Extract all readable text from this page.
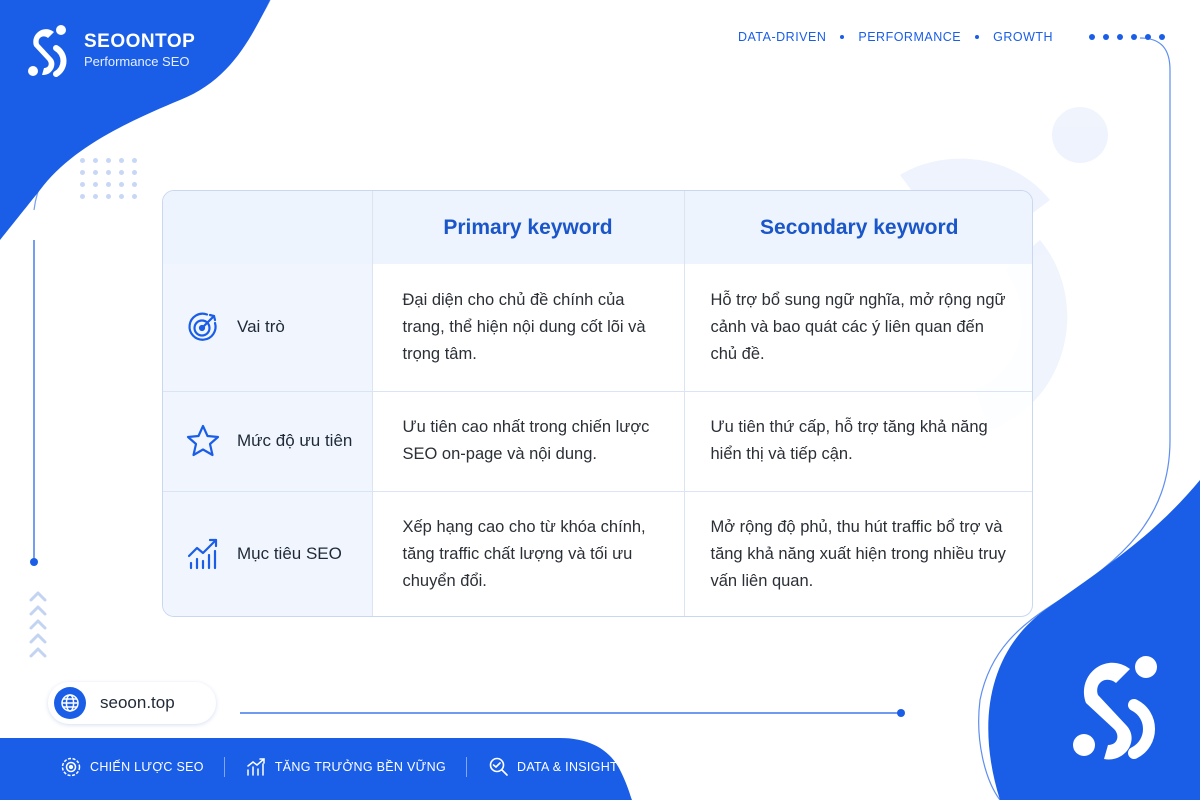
SEOONTOP
Performance SEO
DATA-DRIVEN	PERFORMANCE	GROWTH
	Primary keyword	Secondary keyword

Vai trò	Đại diện cho chủ đề chính của trang, thể hiện nội dung cốt lõi và trọng tâm.	Hỗ trợ bổ sung ngữ nghĩa, mở rộng ngữ cảnh và bao quát các ý liên quan đến chủ đề.

Mức độ ưu tiên	Ưu tiên cao nhất trong chiến lược SEO on-page và nội dung.	Ưu tiên thứ cấp, hỗ trợ tăng khả năng hiển thị và tiếp cận.

Mục tiêu SEO	Xếp hạng cao cho từ khóa chính, tăng traffic chất lượng và tối ưu chuyển đổi.	Mở rộng độ phủ, thu hút traffic bổ trợ và tăng khả năng xuất hiện trong nhiều truy vấn liên quan.
seoon.top
CHIẾN LƯỢC SEO	TĂNG TRƯỞNG BỀN VỮNG	DATA & INSIGHT
